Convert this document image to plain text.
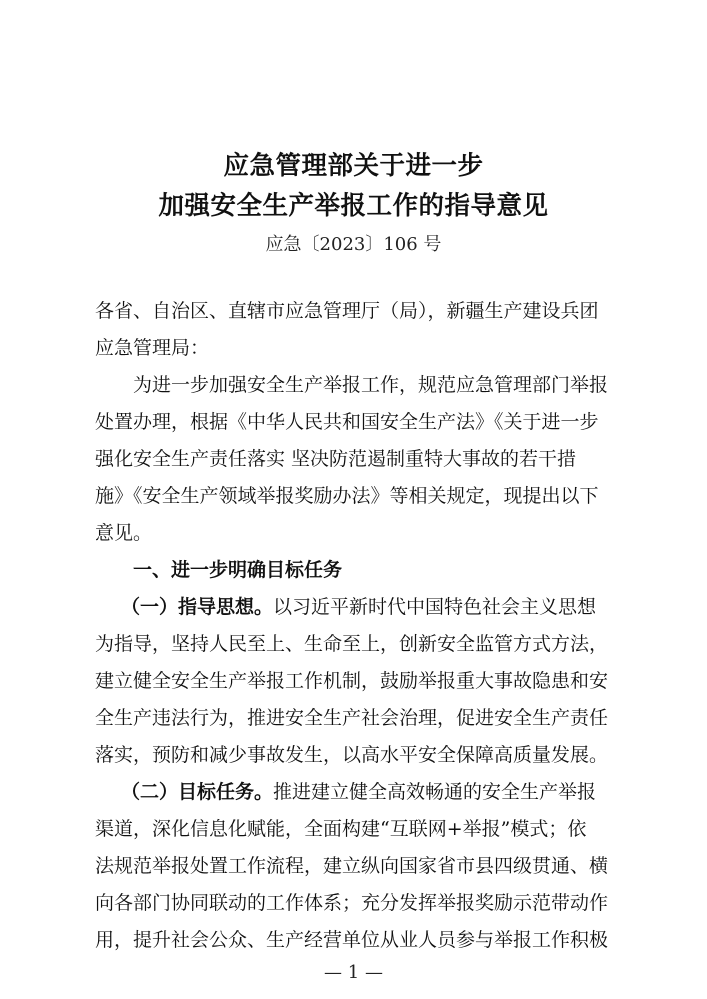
应急管理部关于进一步
加强安全生产举报工作的指导意见
应急〔2023〕106 号
各省、自治区、直辖市应急管理厅（局），新疆生产建设兵团
应急管理局：
为进一步加强安全生产举报工作，规范应急管理部门举报
处置办理，根据《中华人民共和国安全生产法》《关于进一步
强化安全生产责任落实 坚决防范遏制重特大事故的若干措
施》《安全生产领域举报奖励办法》等相关规定，现提出以下
意见。
一、进一步明确目标任务
（一）指导思想。以习近平新时代中国特色社会主义思想
为指导，坚持人民至上、生命至上，创新安全监管方式方法，
建立健全安全生产举报工作机制，鼓励举报重大事故隐患和安
全生产违法行为，推进安全生产社会治理，促进安全生产责任
落实，预防和减少事故发生，以高水平安全保障高质量发展。
（二）目标任务。推进建立健全高效畅通的安全生产举报
渠道，深化信息化赋能，全面构建“互联网+举报”模式；依
法规范举报处置工作流程，建立纵向国家省市县四级贯通、横
向各部门协同联动的工作体系；充分发挥举报奖励示范带动作
用，提升社会公众、生产经营单位从业人员参与举报工作积极
— 1 —
